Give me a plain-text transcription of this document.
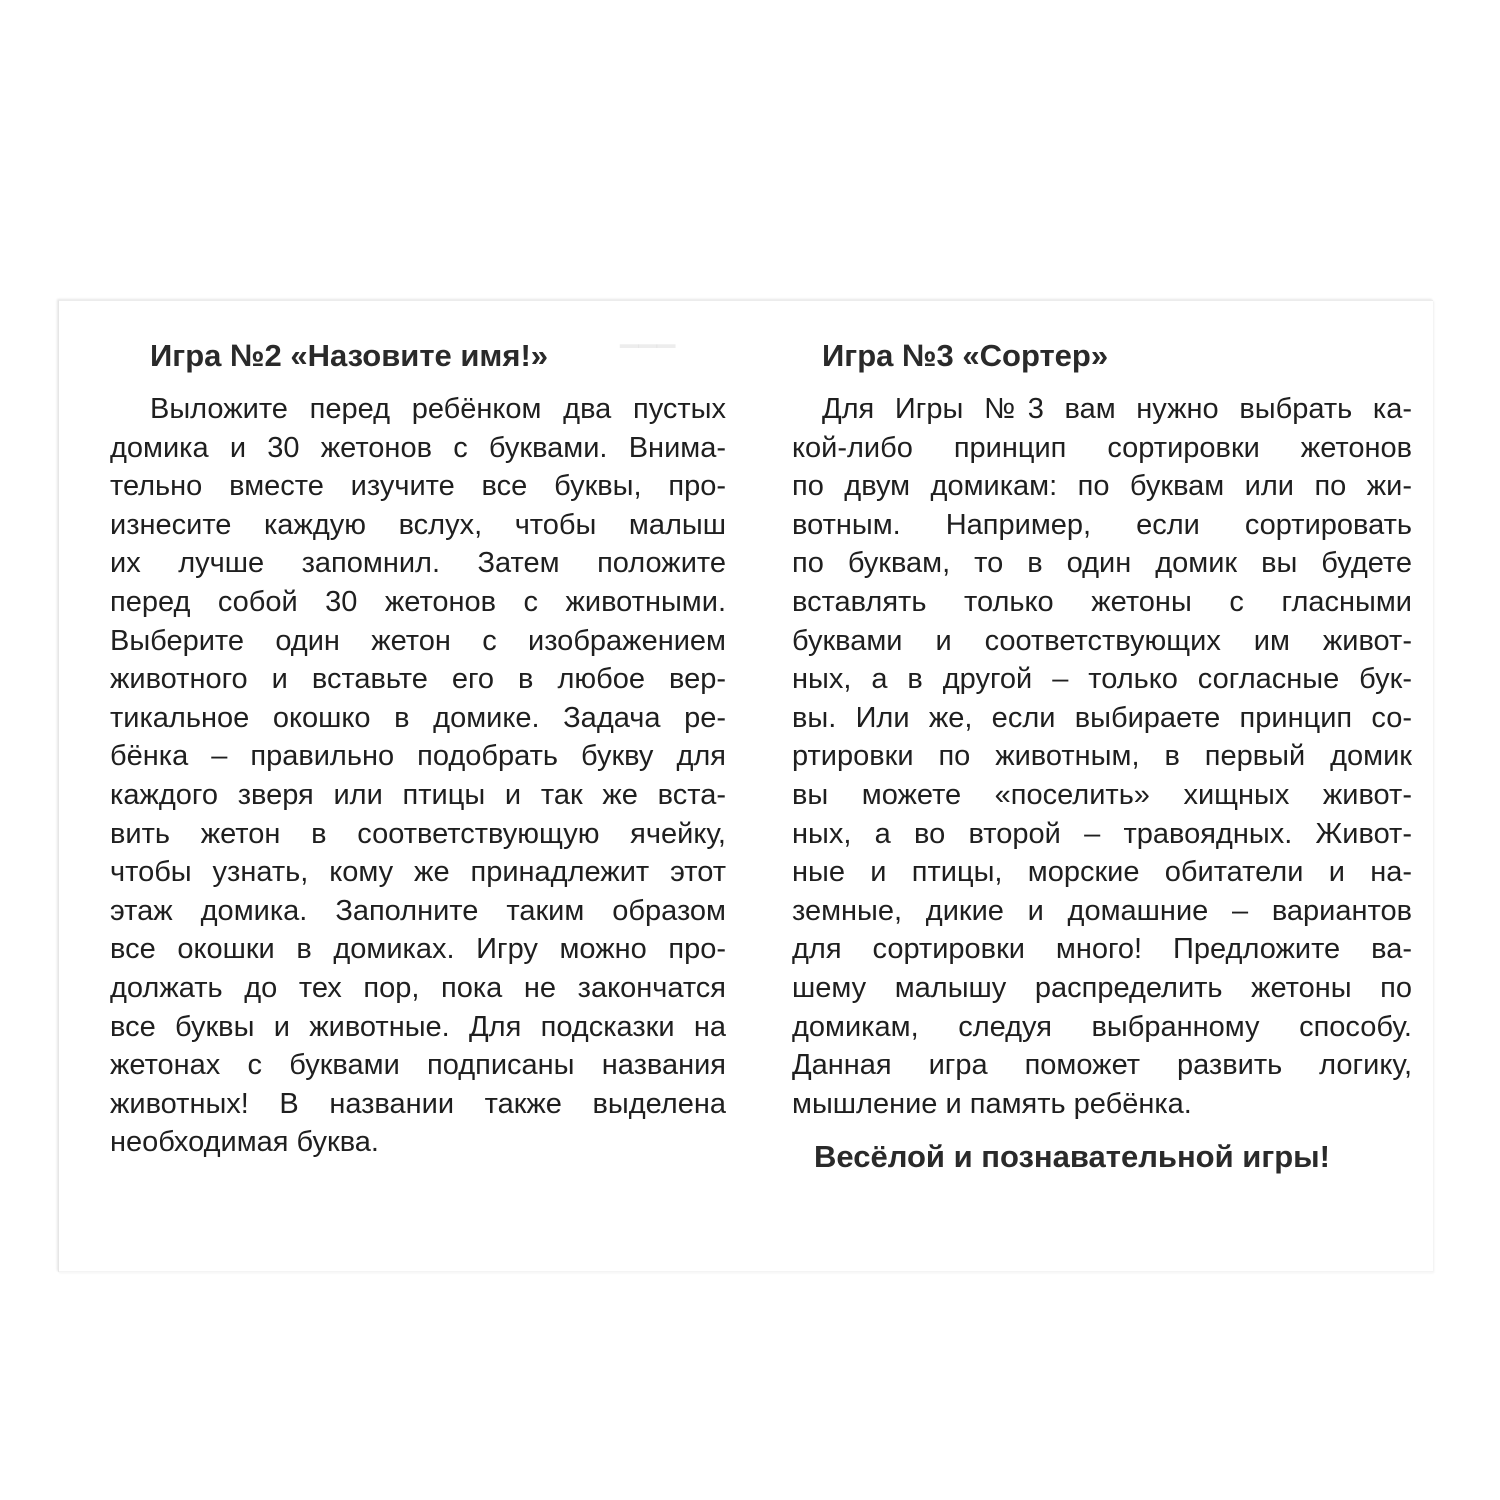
▔▔▔
Игра №2 «Назовите имя!»
Выложите перед ребёнком два пустых
домика и 30 жетонов с буквами. Внима-
тельно вместе изучите все буквы, про-
изнесите каждую вслух, чтобы малыш
их лучше запомнил. Затем положите
перед собой 30 жетонов с животными.
Выберите один жетон с изображением
животного и вставьте его в любое вер-
тикальное окошко в домике. Задача ре-
бёнка – правильно подобрать букву для
каждого зверя или птицы и так же вста-
вить жетон в соответствующую ячейку,
чтобы узнать, кому же принадлежит этот
этаж домика. Заполните таким образом
все окошки в домиках. Игру можно про-
должать до тех пор, пока не закончатся
все буквы и животные. Для подсказки на
жетонах с буквами подписаны названия
животных! В названии также выделена
необходимая буква.
Игра №3 «Сортер»
Для Игры №3 вам нужно выбрать ка-
кой-либо принцип сортировки жетонов
по двум домикам: по буквам или по жи-
вотным. Например, если сортировать
по буквам, то в один домик вы будете
вставлять только жетоны с гласными
буквами и соответствующих им живот-
ных, а в другой – только согласные бук-
вы. Или же, если выбираете принцип со-
ртировки по животным, в первый домик
вы можете «поселить» хищных живот-
ных, а во второй – травоядных. Живот-
ные и птицы, морские обитатели и на-
земные, дикие и домашние – вариантов
для сортировки много! Предложите ва-
шему малышу распределить жетоны по
домикам, следуя выбранному способу.
Данная игра поможет развить логику,
мышление и память ребёнка.
Весёлой и познавательной игры!
